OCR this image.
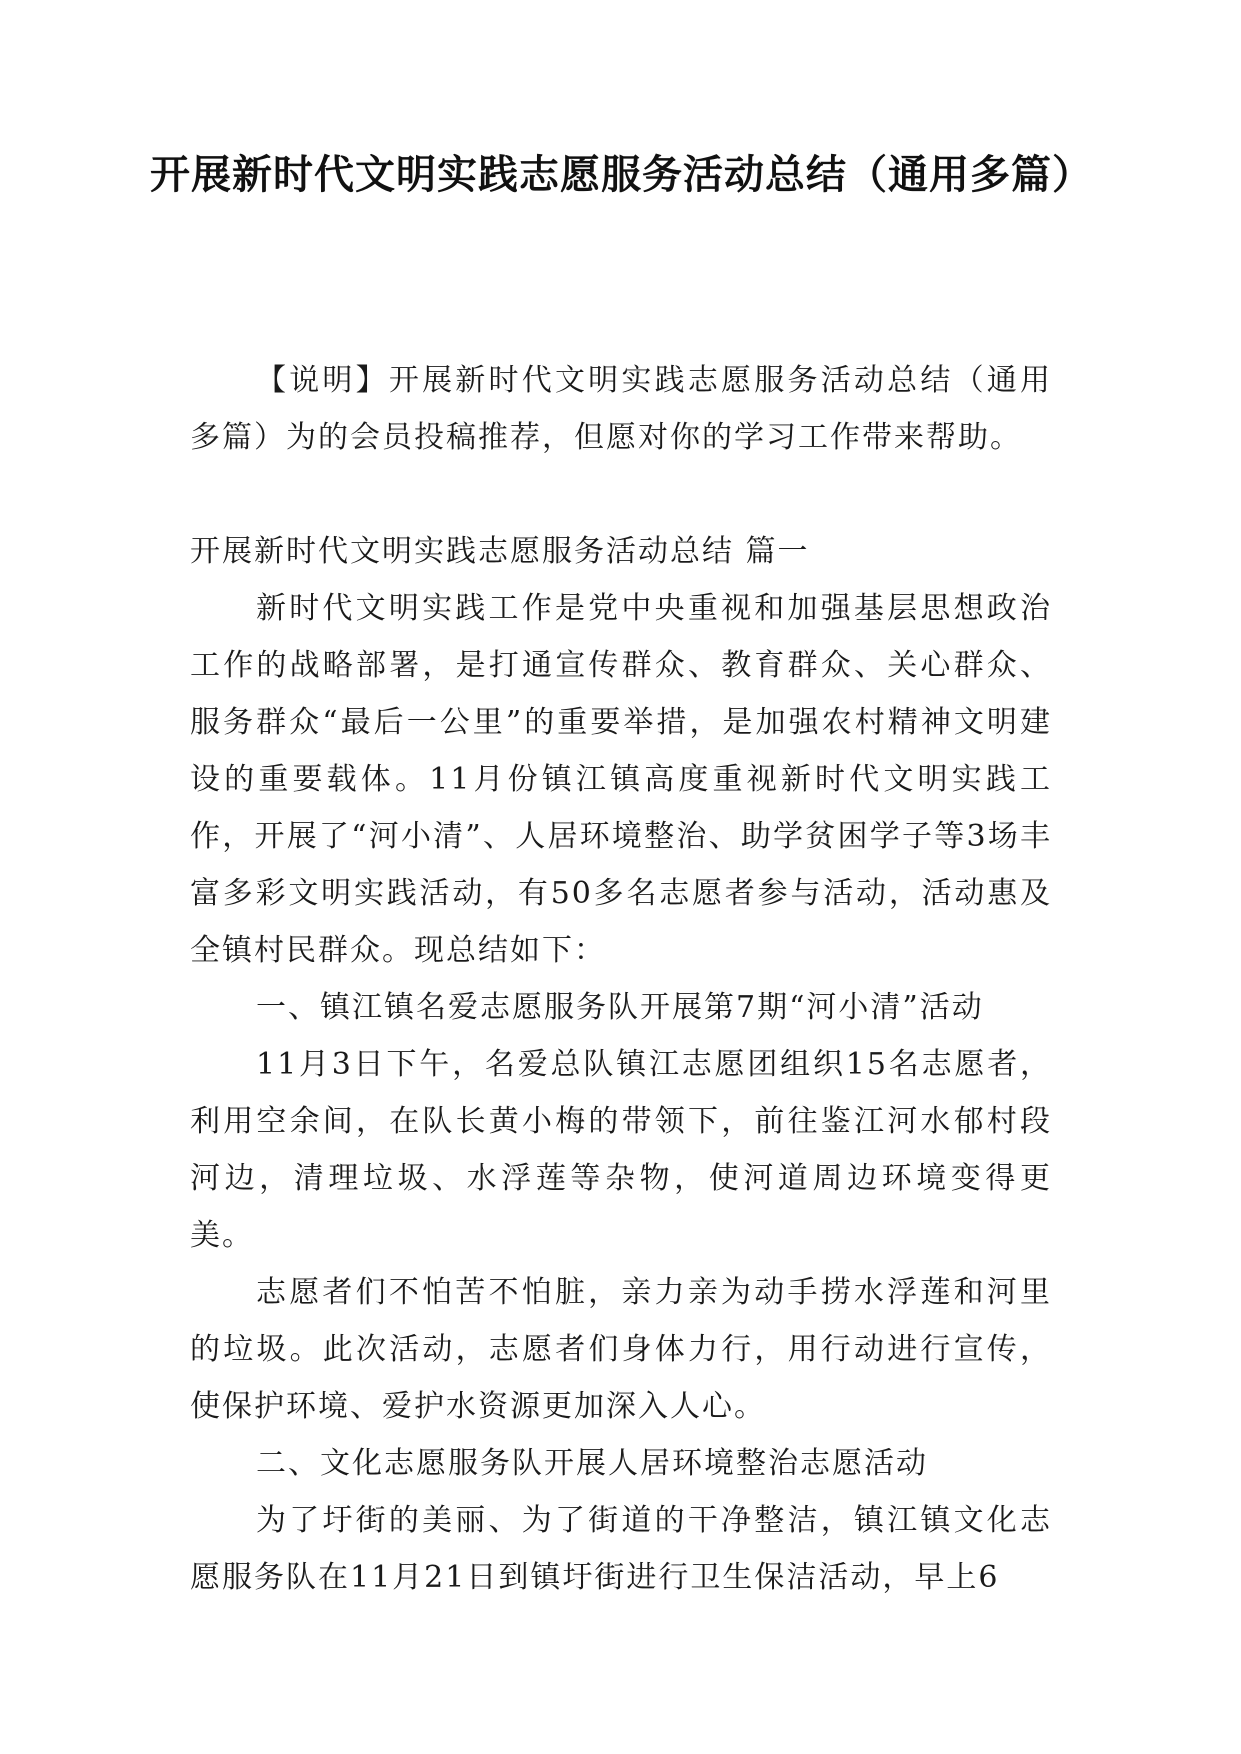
开展新时代文明实践志愿服务活动总结（通用多篇）

【说明】开展新时代文明实践志愿服务活动总结（通用多篇）为的会员投稿推荐，但愿对你的学习工作带来帮助。

开展新时代文明实践志愿服务活动总结 篇一

新时代文明实践工作是党中央重视和加强基层思想政治工作的战略部署，是打通宣传群众、教育群众、关心群众、服务群众“最后一公里”的重要举措，是加强农村精神文明建设的重要载体。11月份镇江镇高度重视新时代文明实践工作，开展了“河小清”、人居环境整治、助学贫困学子等3场丰富多彩文明实践活动，有50多名志愿者参与活动，活动惠及全镇村民群众。现总结如下：

一、镇江镇名爱志愿服务队开展第7期“河小清”活动

11月3日下午，名爱总队镇江志愿团组织15名志愿者，利用空余间，在队长黄小梅的带领下，前往鉴江河水郁村段河边，清理垃圾、水浮莲等杂物，使河道周边环境变得更美。

志愿者们不怕苦不怕脏，亲力亲为动手捞水浮莲和河里的垃圾。此次活动，志愿者们身体力行，用行动进行宣传，使保护环境、爱护水资源更加深入人心。

二、文化志愿服务队开展人居环境整治志愿活动

为了圩街的美丽、为了街道的干净整洁，镇江镇文化志愿服务队在11月21日到镇圩街进行卫生保洁活动，早上6
